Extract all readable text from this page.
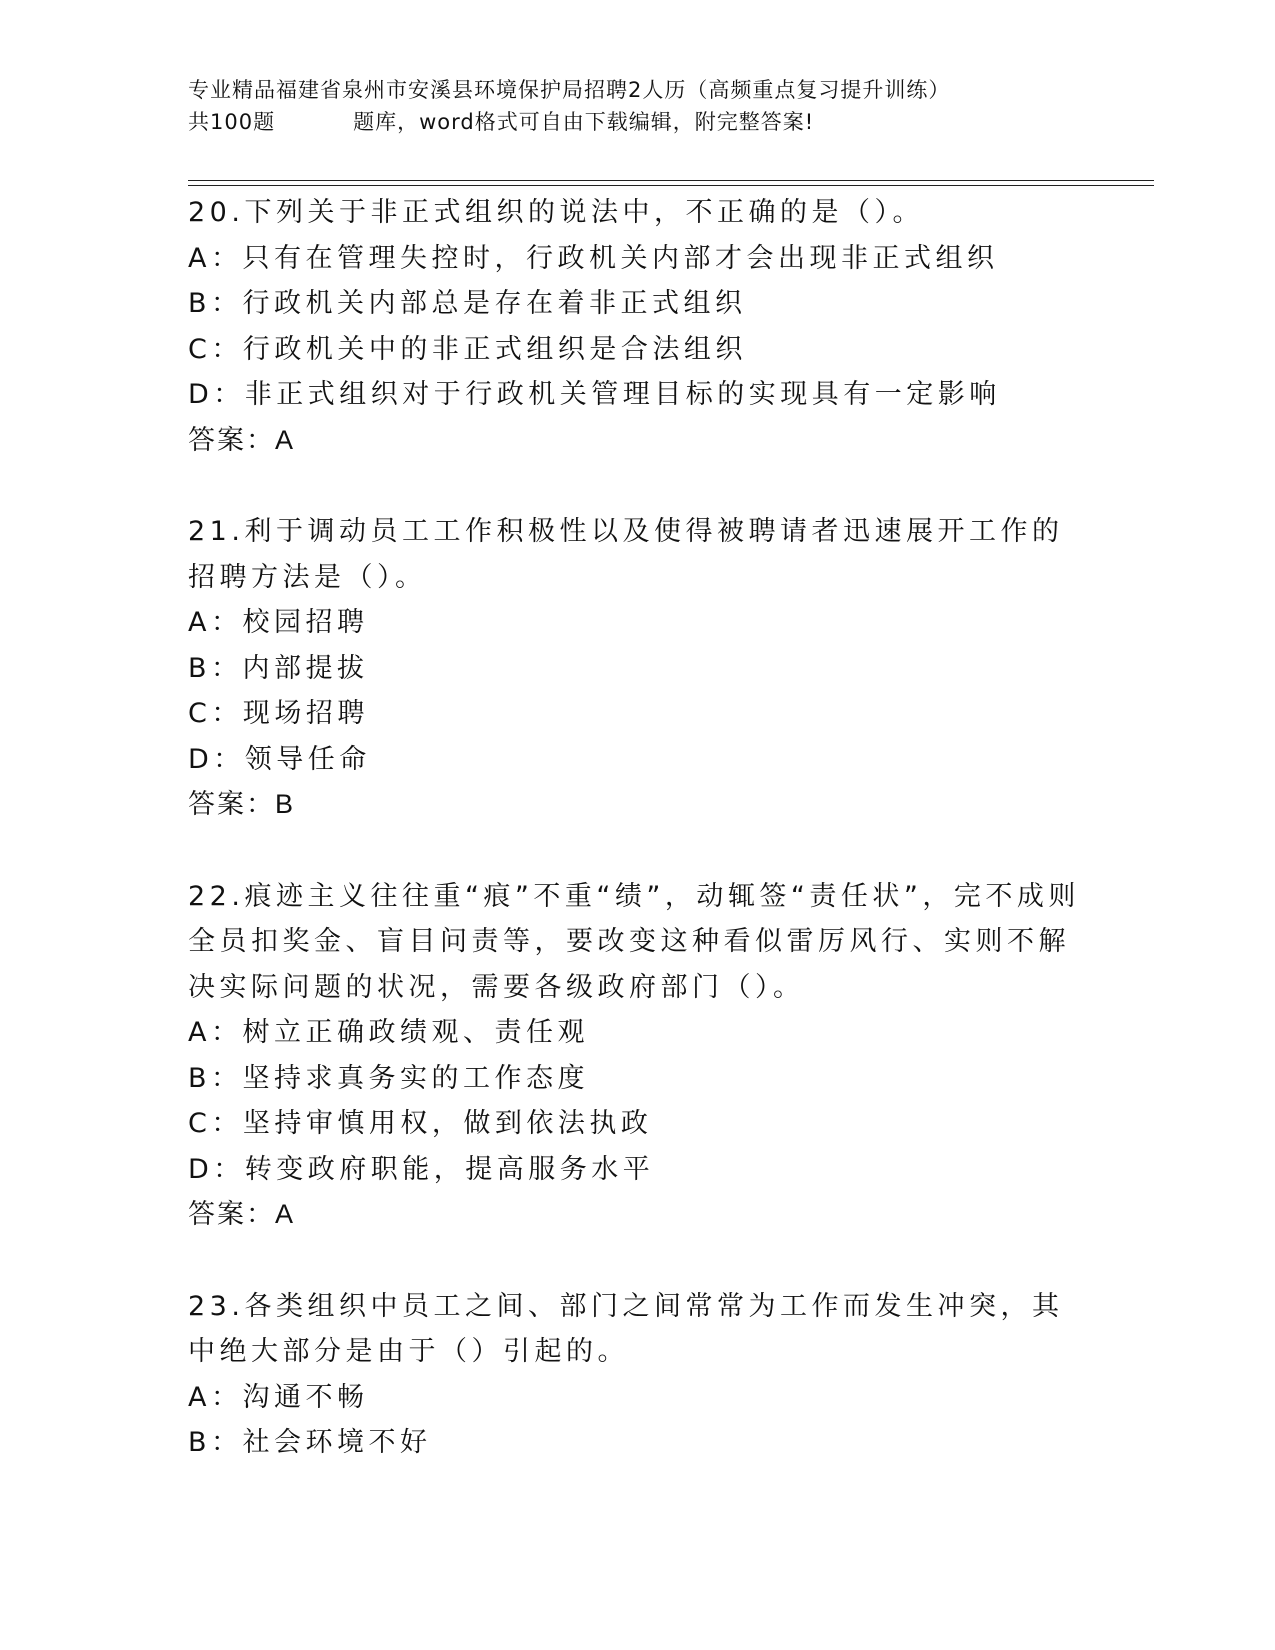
专业精品福建省泉州市安溪县环境保护局招聘2人历（高频重点复习提升训练）
共100题	题库，word格式可自由下载编辑，附完整答案!

20.下列关于非正式组织的说法中，不正确的是（）。

A：只有在管理失控时，行政机关内部才会出现非正式组织

B：行政机关内部总是存在着非正式组织

C：行政机关中的非正式组织是合法组织

D：非正式组织对于行政机关管理目标的实现具有一定影响

答案：A

21.利于调动员工工作积极性以及使得被聘请者迅速展开工作的招聘方法是（）。

A：校园招聘

B：内部提拔

C：现场招聘

D：领导任命

答案：B

22.痕迹主义往往重“痕”不重“绩”，动辄签“责任状”，完不成则全员扣奖金、盲目问责等，要改变这种看似雷厉风行、实则不解决实际问题的状况，需要各级政府部门（）。

A：树立正确政绩观、责任观

B：坚持求真务实的工作态度

C：坚持审慎用权，做到依法执政

D：转变政府职能，提高服务水平

答案：A

23.各类组织中员工之间、部门之间常常为工作而发生冲突，其中绝大部分是由于（）引起的。

A：沟通不畅

B：社会环境不好
